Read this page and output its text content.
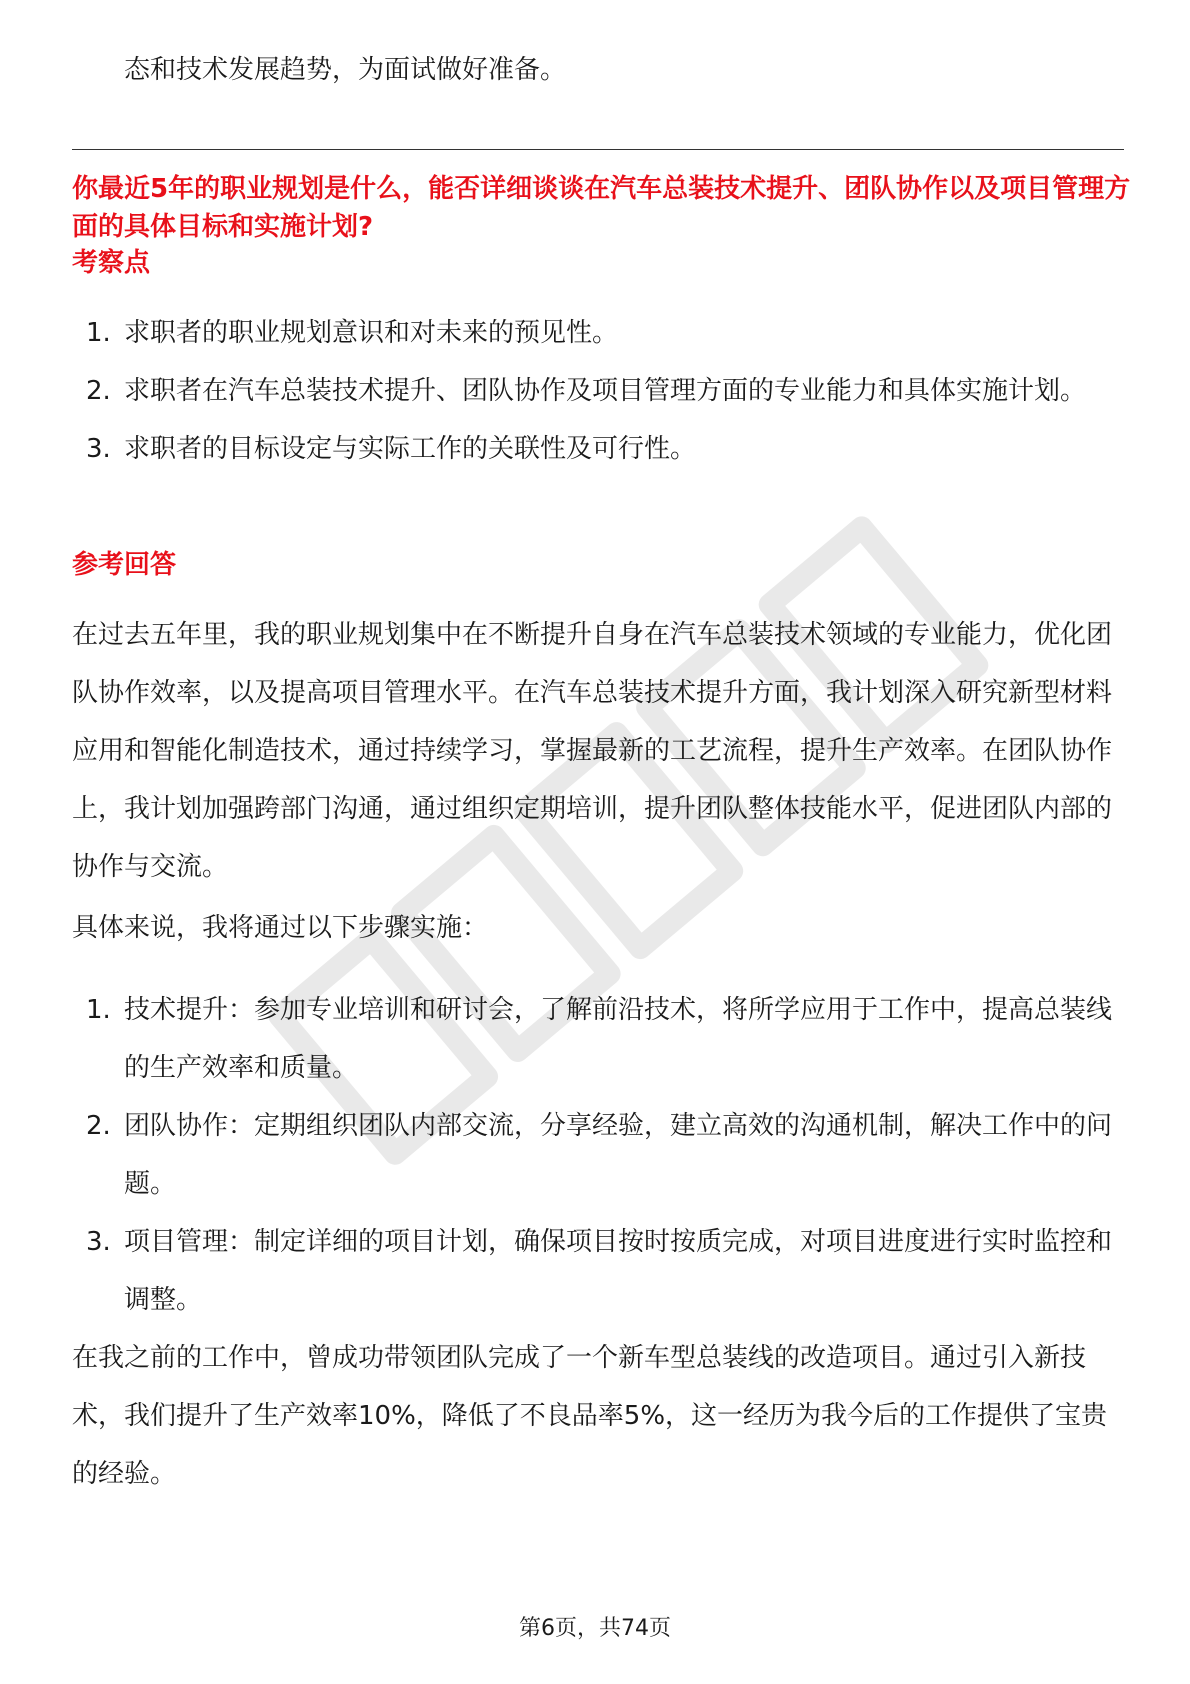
态和技术发展趋势，为面试做好准备。
你最近5年的职业规划是什么，能否详细谈谈在汽车总装技术提升、团队协作以及项目管理方面的具体目标和实施计划?
考察点
1. 求职者的职业规划意识和对未来的预见性。
2. 求职者在汽车总装技术提升、团队协作及项目管理方面的专业能力和具体实施计划。
3. 求职者的目标设定与实际工作的关联性及可行性。
参考回答

在过去五年里，我的职业规划集中在不断提升自身在汽车总装技术领域的专业能力，优化团队协作效率，以及提高项目管理水平。在汽车总装技术提升方面，我计划深入研究新型材料应用和智能化制造技术，通过持续学习，掌握最新的工艺流程，提升生产效率。在团队协作上，我计划加强跨部门沟通，通过组织定期培训，提升团队整体技能水平，促进团队内部的协作与交流。

具体来说，我将通过以下步骤实施：

1. 技术提升：参加专业培训和研讨会，了解前沿技术，将所学应用于工作中，提高总装线的生产效率和质量。
2. 团队协作：定期组织团队内部交流，分享经验，建立高效的沟通机制，解决工作中的问题。
3. 项目管理：制定详细的项目计划，确保项目按时按质完成，对项目进度进行实时监控和调整。

在我之前的工作中，曾成功带领团队完成了一个新车型总装线的改造项目。通过引入新技术，我们提升了生产效率10%，降低了不良品率5%，这一经历为我今后的工作提供了宝贵的经验。

第6页，共74页
